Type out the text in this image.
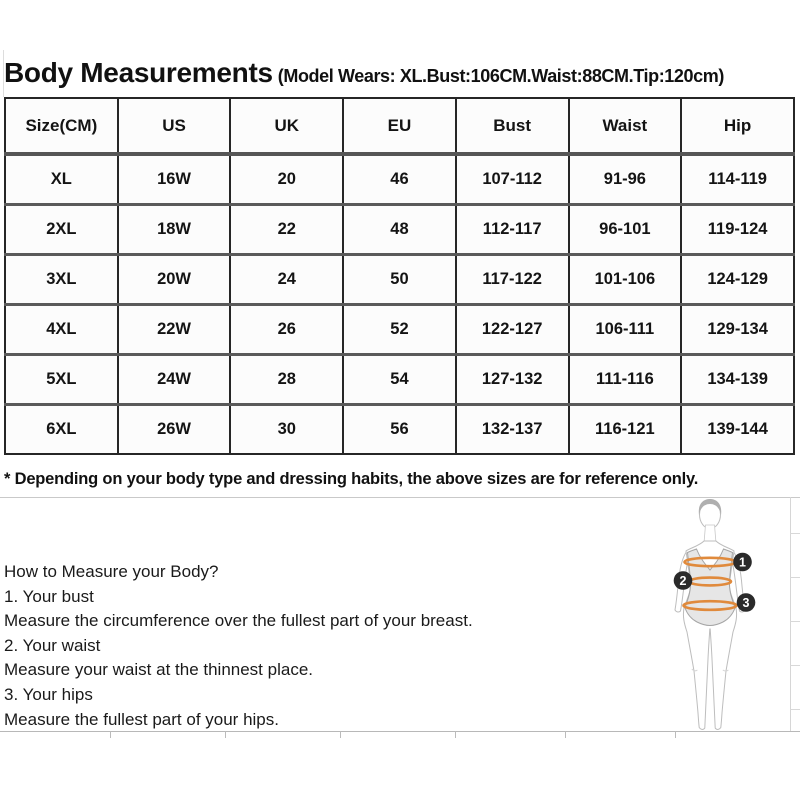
Body Measurements (Model Wears: XL.Bust:106CM.Waist:88CM.Tip:120cm)
Size(CM)	US	UK	EU	Bust	Waist	Hip
XL	16W	20	46	107-112	91-96	114-119
2XL	18W	22	48	112-117	96-101	119-124
3XL	20W	24	50	117-122	101-106	124-129
4XL	22W	26	52	122-127	106-111	129-134
5XL	24W	28	54	127-132	111-116	134-139
6XL	26W	30	56	132-137	116-121	139-144
* Depending on your body type and dressing habits, the above sizes are for reference only.
How to Measure your Body?
1. Your bust
Measure the circumference over the fullest part of your breast.
2. Your waist
Measure your waist at the thinnest place.
3. Your hips
Measure the fullest part of your hips.
1
2
3
